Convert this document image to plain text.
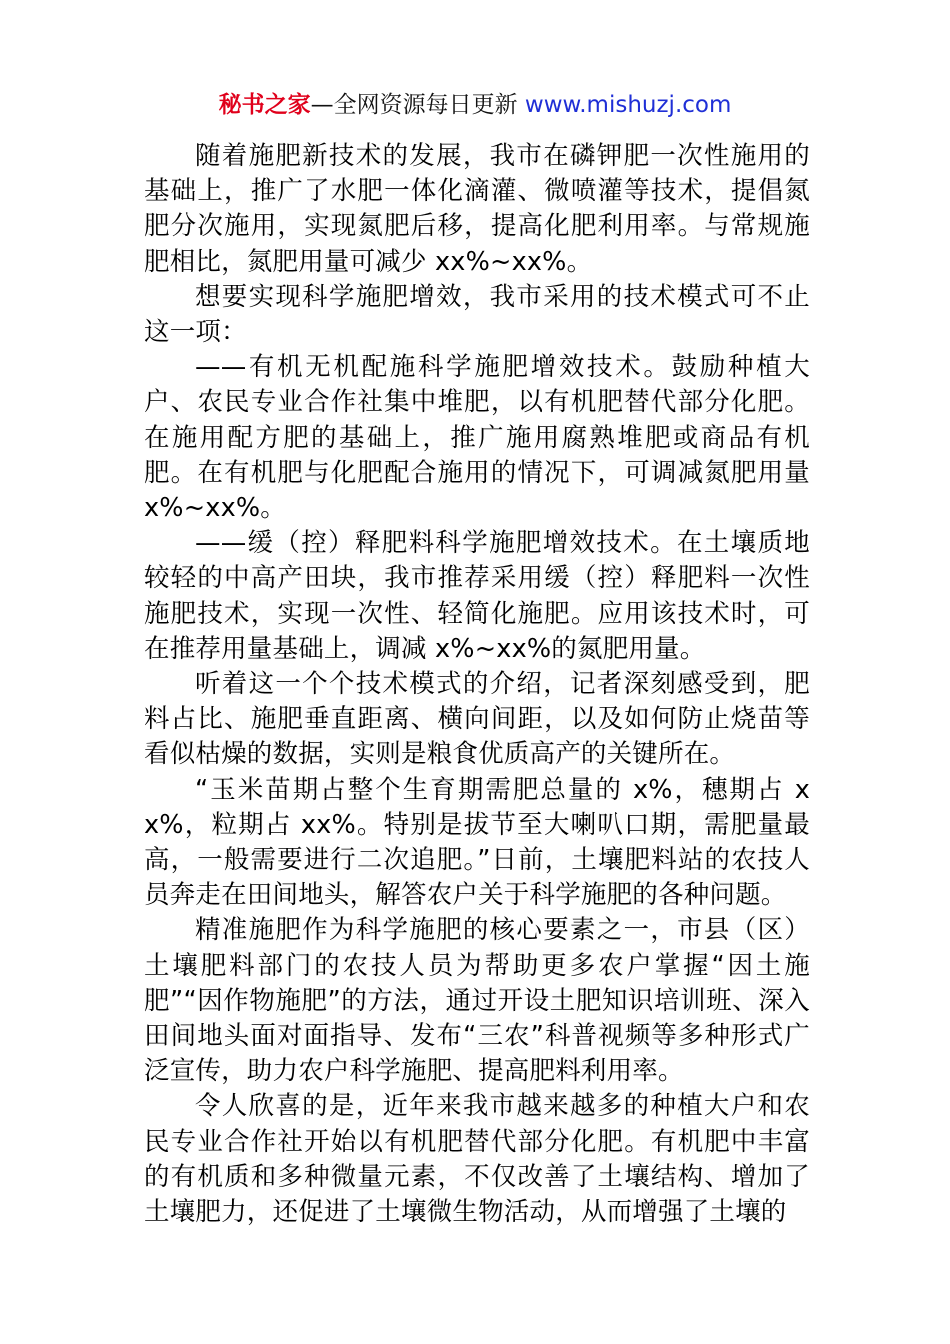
秘书之家—全网资源每日更新 www.mishuzj.com

随着施肥新技术的发展，我市在磷钾肥一次性施用的基础上，推广了水肥一体化滴灌、微喷灌等技术，提倡氮肥分次施用，实现氮肥后移，提高化肥利用率。与常规施肥相比，氮肥用量可减少 xx%~xx%。

想要实现科学施肥增效，我市采用的技术模式可不止这一项：

——有机无机配施科学施肥增效技术。鼓励种植大户、农民专业合作社集中堆肥，以有机肥替代部分化肥。在施用配方肥的基础上，推广施用腐熟堆肥或商品有机肥。在有机肥与化肥配合施用的情况下，可调减氮肥用量 x%~xx%。

——缓（控）释肥料科学施肥增效技术。在土壤质地较轻的中高产田块，我市推荐采用缓（控）释肥料一次性施肥技术，实现一次性、轻简化施肥。应用该技术时，可在推荐用量基础上，调减 x%~xx%的氮肥用量。

听着这一个个技术模式的介绍，记者深刻感受到，肥料占比、施肥垂直距离、横向间距，以及如何防止烧苗等看似枯燥的数据，实则是粮食优质高产的关键所在。

“玉米苗期占整个生育期需肥总量的 x%，穗期占 xx%，粒期占 xx%。特别是拔节至大喇叭口期，需肥量最高，一般需要进行二次追肥。”日前，土壤肥料站的农技人员奔走在田间地头，解答农户关于科学施肥的各种问题。

精准施肥作为科学施肥的核心要素之一，市县（区）土壤肥料部门的农技人员为帮助更多农户掌握“因土施肥”“因作物施肥”的方法，通过开设土肥知识培训班、深入田间地头面对面指导、发布“三农”科普视频等多种形式广泛宣传，助力农户科学施肥、提高肥料利用率。

令人欣喜的是，近年来我市越来越多的种植大户和农民专业合作社开始以有机肥替代部分化肥。有机肥中丰富的有机质和多种微量元素，不仅改善了土壤结构、增加了土壤肥力，还促进了土壤微生物活动，从而增强了土壤的
